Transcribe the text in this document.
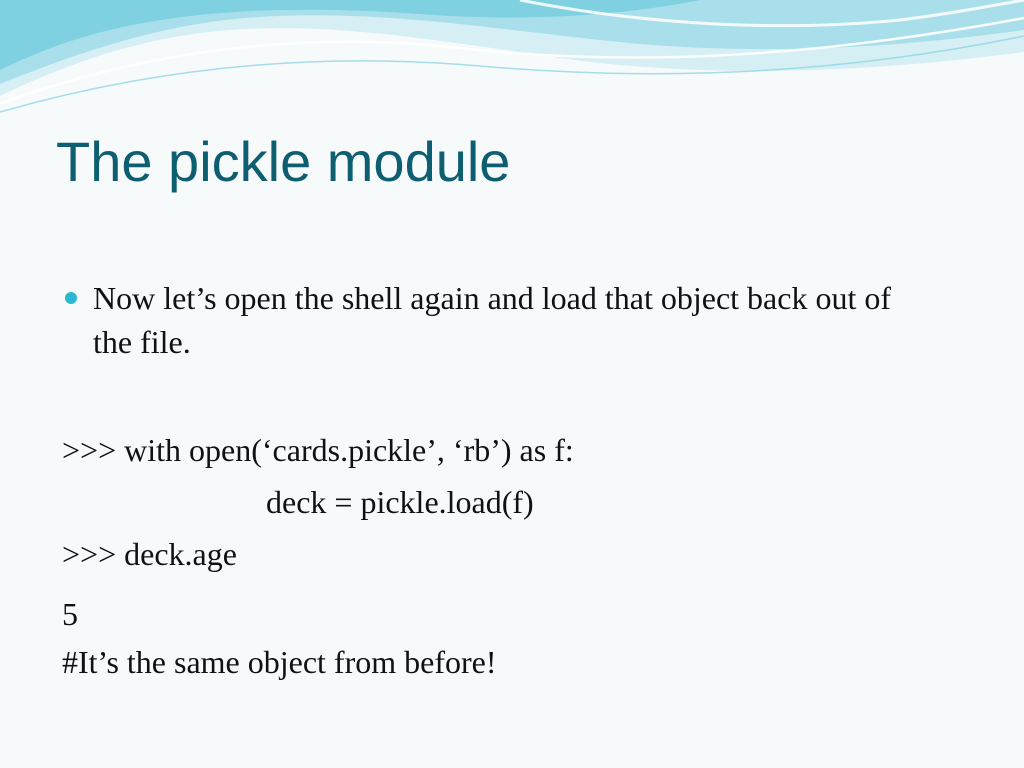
The pickle module
Now let’s open the shell again and load that object back out of the file.

>>> with open(‘cards.pickle’, ‘rb’) as f:

deck = pickle.load(f)

>>> deck.age

5

#It’s the same object from before!
